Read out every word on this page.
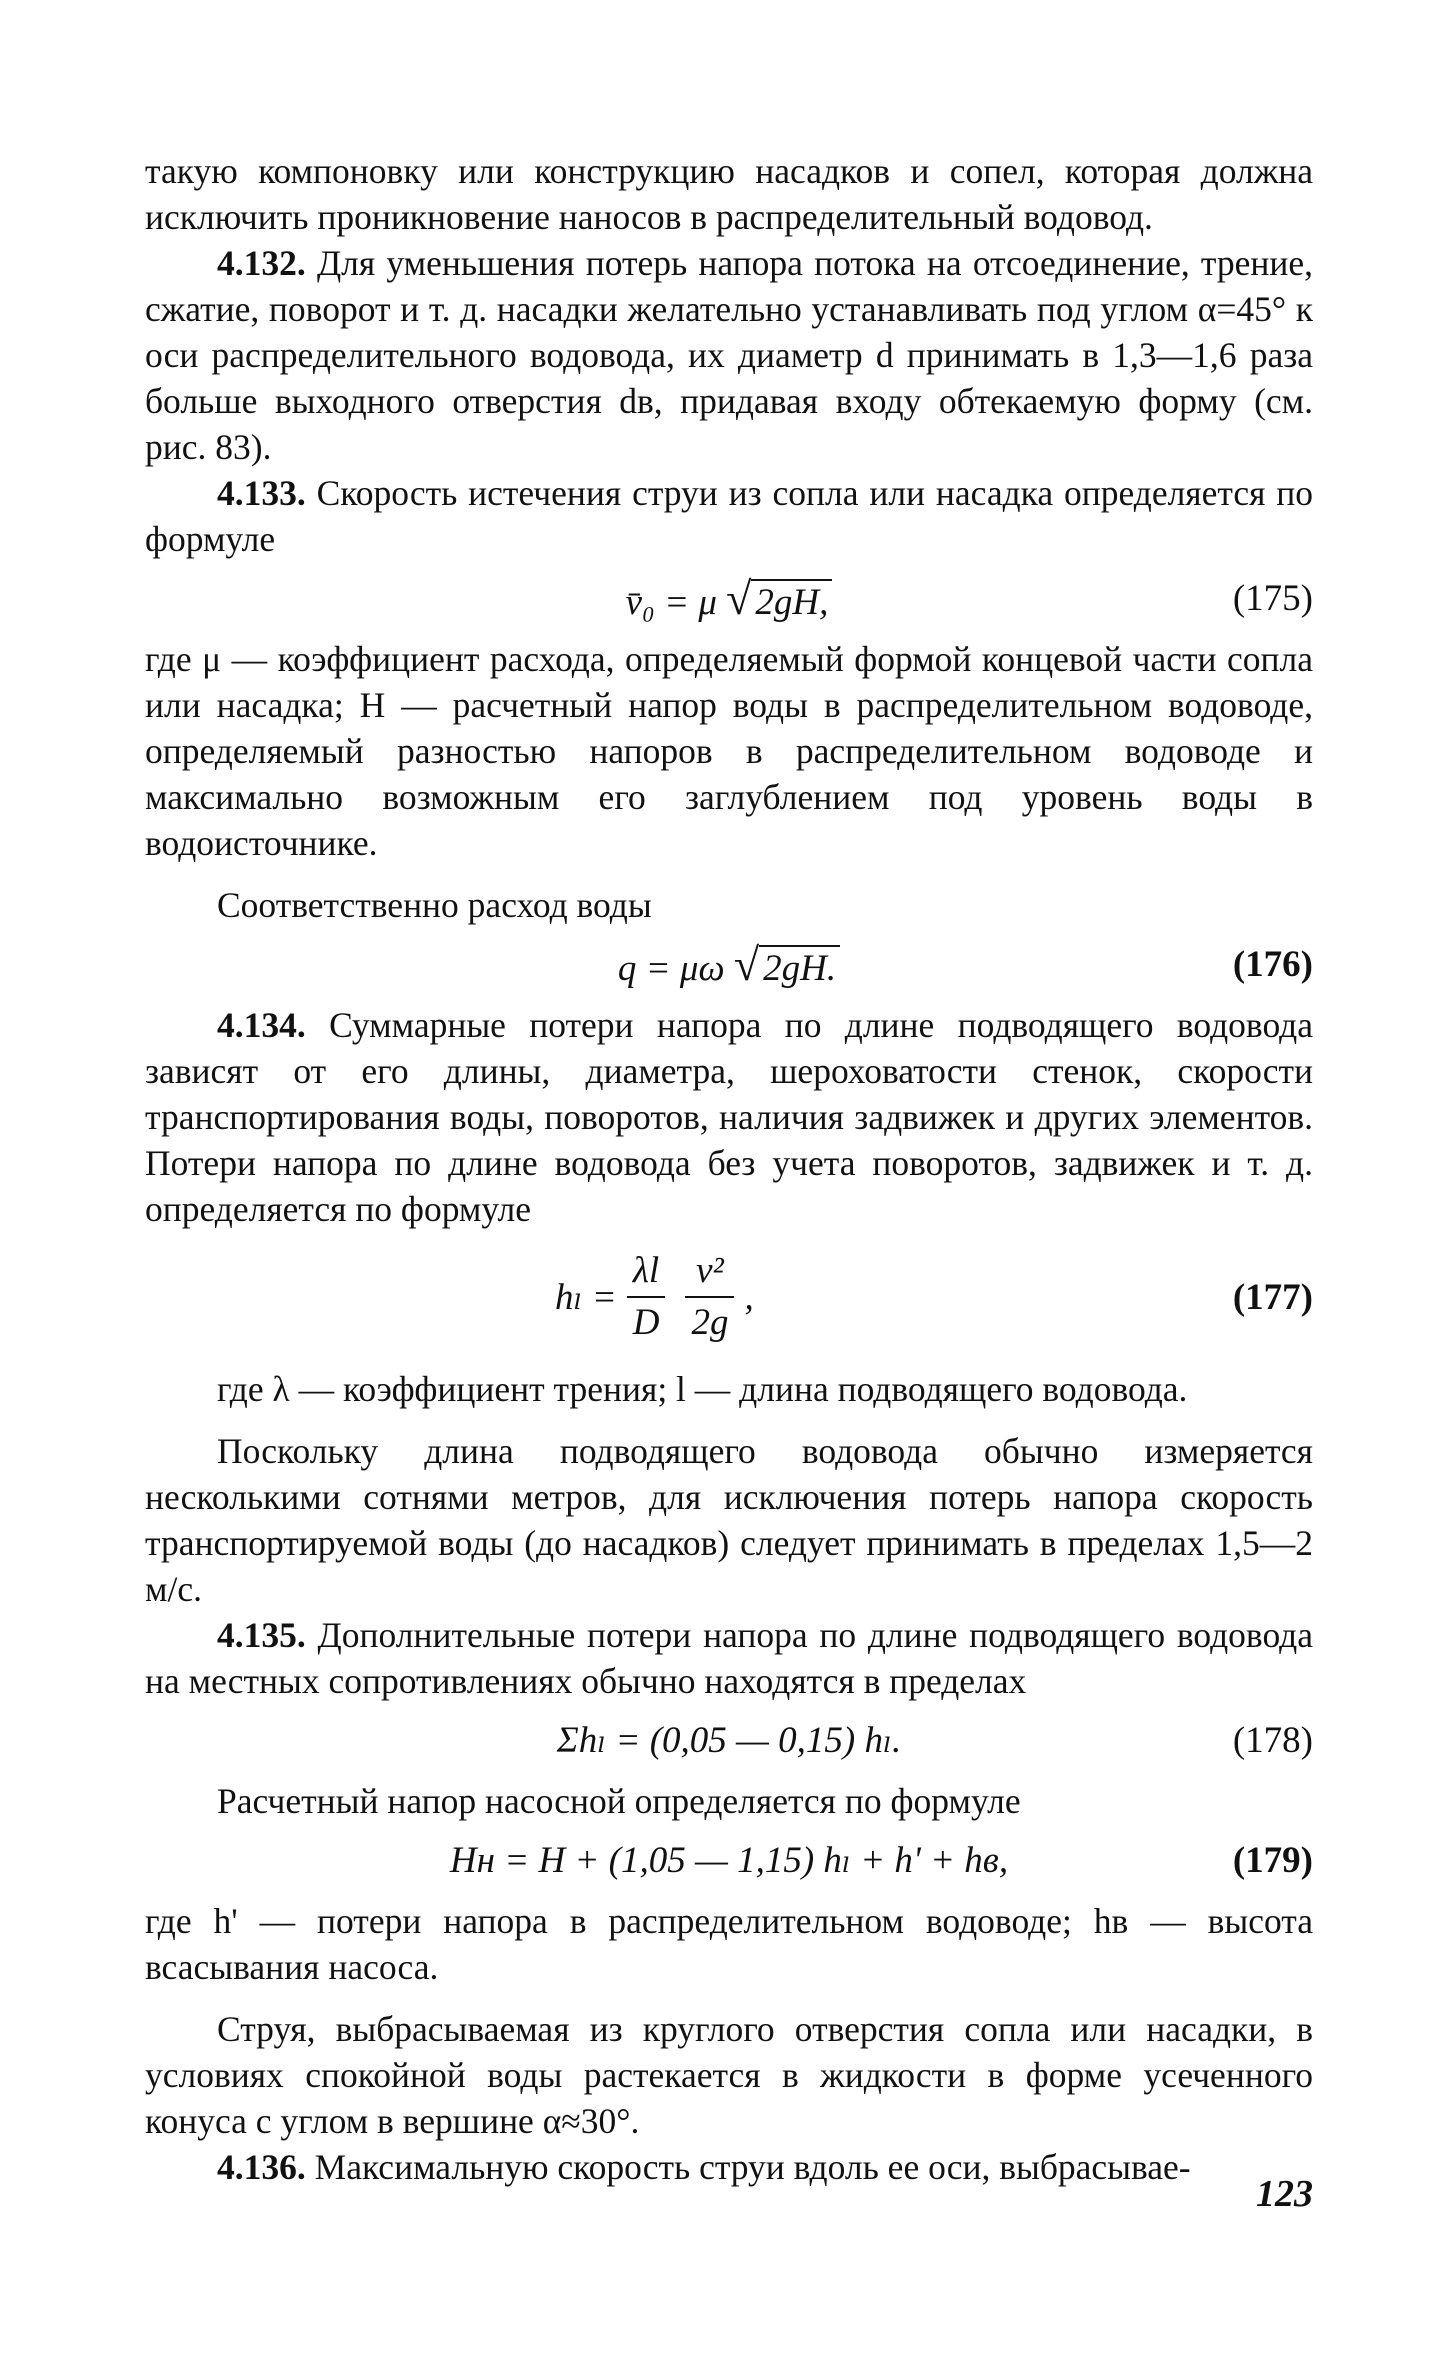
такую компоновку или конструкцию насадков и сопел, которая должна исключить проникновение наносов в распределительный водовод.

4.132. Для уменьшения потерь напора потока на отсоединение, трение, сжатие, поворот и т. д. насадки желательно устанавливать под углом α=45° к оси распределительного водовода, их диаметр d принимать в 1,3—1,6 раза больше выходного отверстия dв, придавая входу обтекаемую форму (см. рис. 83).

4.133. Скорость истечения струи из сопла или насадка определяется по формуле

v̄₀ = μ √ 2gH,	(175)

где μ — коэффициент расхода, определяемый формой концевой части сопла или насадка; H — расчетный напор воды в распределительном водоводе, определяемый разностью напоров в распределительном водоводе и максимально возможным его заглублением под уровень воды в водоисточнике.

Соответственно расход воды

q = μω √ 2gH.	(176)

4.134. Суммарные потери напора по длине подводящего водовода зависят от его длины, диаметра, шероховатости стенок, скорости транспортирования воды, поворотов, наличия задвижек и других элементов. Потери напора по длине водовода без учета поворотов, задвижек и т. д. определяется по формуле

$h_l = \frac{\lambda l}{D} \frac{\text{v²}}{2g}$ ,	(177)

где λ — коэффициент трения; l — длина подводящего водовода.

Поскольку длина подводящего водовода обычно измеряется несколькими сотнями метров, для исключения потерь напора скорость транспортируемой воды (до насадков) следует принимать в пределах 1,5—2 м/с.

4.135. Дополнительные потери напора по длине подводящего водовода на местных сопротивлениях обычно находятся в пределах

Σhₗ = (0,05 — 0,15) hₗ.	(178)

Расчетный напор насосной определяется по формуле

Hн = H + (1,05 — 1,15) hₗ + h' + hв,	(179)

где h' — потери напора в распределительном водоводе; hв — высота всасывания насоса.

Струя, выбрасываемая из круглого отверстия сопла или насадки, в условиях спокойной воды растекается в жидкости в форме усеченного конуса с углом в вершине α≈30°.

4.136. Максимальную скорость струи вдоль ее оси, выбрасывае-

123
